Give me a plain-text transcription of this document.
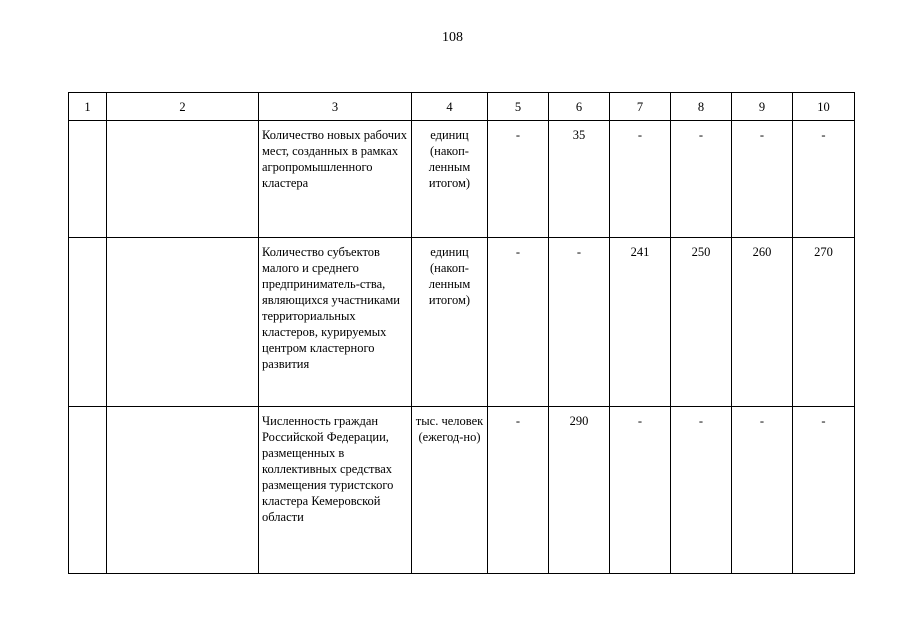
108
1	2	3	4	5	6	7	8	9	10
		Количество новых рабочих мест, созданных в рамках агропромышленного кластера	единиц (накоп-ленным итогом)	-	35	-	-	-	-
		Количество субъектов малого и среднего предприниматель-ства, являющихся участниками территориальных кластеров, курируемых центром кластерного развития	единиц (накоп-ленным итогом)	-	-	241	250	260	270
		Численность граждан Российской Федерации, размещенных в коллективных средствах размещения туристского кластера Кемеровской области	тыс. человек (ежегод-но)	-	290	-	-	-	-
